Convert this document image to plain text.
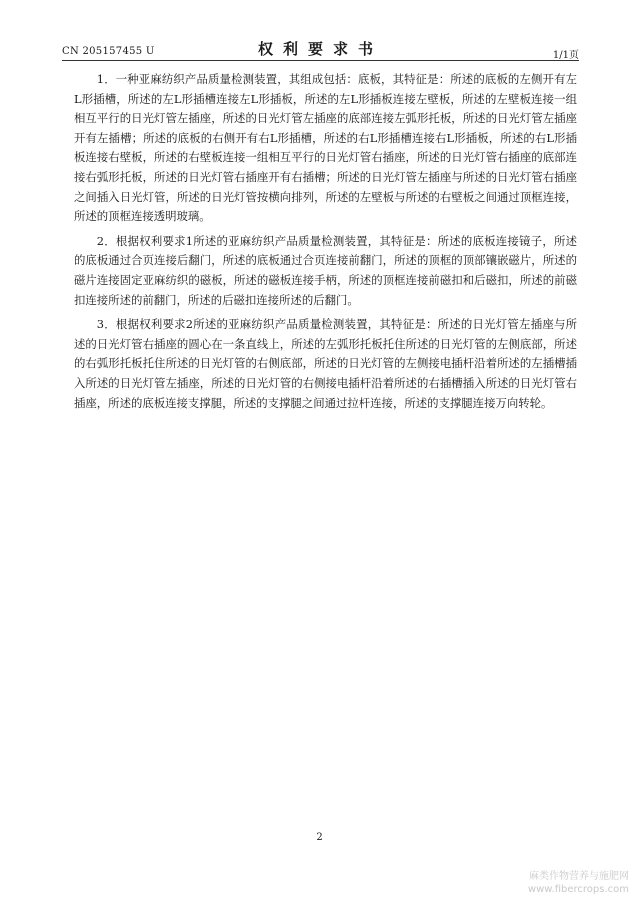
CN 205157455 U	权利要求书	1/1页

1．一种亚麻纺织产品质量检测装置，其组成包括：底板，其特征是：所述的底板的左侧开有左L形插槽，所述的左L形插槽连接左L形插板，所述的左L形插板连接左壁板，所述的左壁板连接一组相互平行的日光灯管左插座，所述的日光灯管左插座的底部连接左弧形托板，所述的日光灯管左插座开有左插槽；所述的底板的右侧开有右L形插槽，所述的右L形插槽连接右L形插板，所述的右L形插板连接右壁板，所述的右壁板连接一组相互平行的日光灯管右插座，所述的日光灯管右插座的底部连接右弧形托板，所述的日光灯管右插座开有右插槽；所述的日光灯管左插座与所述的日光灯管右插座之间插入日光灯管，所述的日光灯管按横向排列，所述的左壁板与所述的右壁板之间通过顶框连接，所述的顶框连接透明玻璃。

2．根据权利要求1所述的亚麻纺织产品质量检测装置，其特征是：所述的底板连接镜子，所述的底板通过合页连接后翻门，所述的底板通过合页连接前翻门，所述的顶框的顶部镶嵌磁片，所述的磁片连接固定亚麻纺织的磁板，所述的磁板连接手柄，所述的顶框连接前磁扣和后磁扣，所述的前磁扣连接所述的前翻门，所述的后磁扣连接所述的后翻门。

3．根据权利要求2所述的亚麻纺织产品质量检测装置，其特征是：所述的日光灯管左插座与所述的日光灯管右插座的圆心在一条直线上，所述的左弧形托板托住所述的日光灯管的左侧底部，所述的右弧形托板托住所述的日光灯管的右侧底部，所述的日光灯管的左侧接电插杆沿着所述的左插槽插入所述的日光灯管左插座，所述的日光灯管的右侧接电插杆沿着所述的右插槽插入所述的日光灯管右插座，所述的底板连接支撑腿，所述的支撑腿之间通过拉杆连接，所述的支撑腿连接万向转轮。

2
麻类作物营养与施肥网
www.fibercrops.com
